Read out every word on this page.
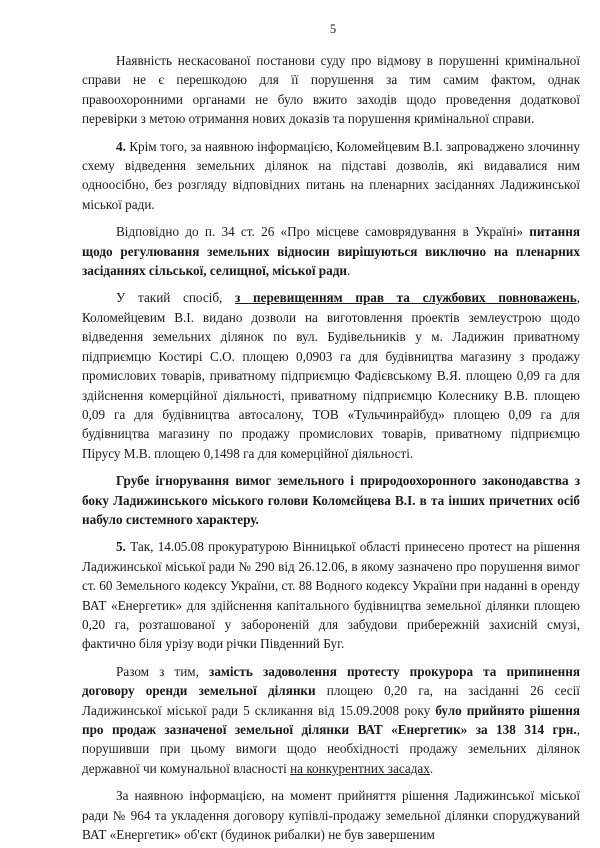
5

Наявність нескасованої постанови суду про відмову в порушенні кримінальної справи не є перешкодою для її порушення за тим самим фактом, однак правоохоронними органами не було вжито заходів щодо проведення додаткової перевірки з метою отримання нових доказів та порушення кримінальної справи.

4. Крім того, за наявною інформацією, Коломейцевим В.І. запроваджено злочинну схему відведення земельних ділянок на підставі дозволів, які видавалися ним одноосібно, без розгляду відповідних питань на пленарних засіданнях Ладижинської міської ради.

Відповідно до п. 34 ст. 26 «Про місцеве самоврядування в Україні» питання щодо регулювання земельних відносин вирішуються виключно на пленарних засіданнях сільської, селищної, міської ради.

У такий спосіб, з перевищенням прав та службових повноважень, Коломейцевим В.І. видано дозволи на виготовлення проектів землеустрою щодо відведення земельних ділянок по вул. Будівельників у м. Ладижин приватному підприємцю Костирі С.О. площею 0,0903 га для будівництва магазину з продажу промислових товарів, приватному підприємцю Фадієвському В.Я. площею 0,09 га для здійснення комерційної діяльності, приватному підприємцю Колеснику В.В. площею 0,09 га для будівництва автосалону, ТОВ «Тульчинрайбуд» площею 0,09 га для будівництва магазину по продажу промислових товарів, приватному підприємцю Пірусу М.В. площею 0,1498 га для комерційної діяльності.

Грубе ігнорування вимог земельного і природоохоронного законодавства з боку Ладижинського міського голови Коломєйцева В.І. в та інших причетних осіб набуло системного характеру.

5. Так, 14.05.08 прокуратурою Вінницької області принесено протест на рішення Ладижинської міської ради № 290 від 26.12.06, в якому зазначено про порушення вимог ст. 60 Земельного кодексу України, ст. 88 Водного кодексу України при наданні в оренду ВАТ «Енергетик» для здійснення капітального будівництва земельної ділянки площею 0,20 га, розташованої у забороненій для забудови прибережній захисній смузі, фактично біля урізу води річки Південний Буг.

Разом з тим, замість задоволення протесту прокурора та припинення договору оренди земельної ділянки площею 0,20 га, на засіданні 26 сесії Ладижинської міської ради 5 скликання від 15.09.2008 року було прийнято рішення про продаж зазначеної земельної ділянки ВАТ «Енергетик» за 138 314 грн., порушивши при цьому вимоги щодо необхідності продажу земельних ділянок державної чи комунальної власності на конкурентних засадах.

За наявною інформацією, на момент прийняття рішення Ладижинської міської ради № 964 та укладення договору купівлі-продажу земельної ділянки споруджуваний ВАТ «Енергетик» об'єкт (будинок рибалки) не був завершеним
